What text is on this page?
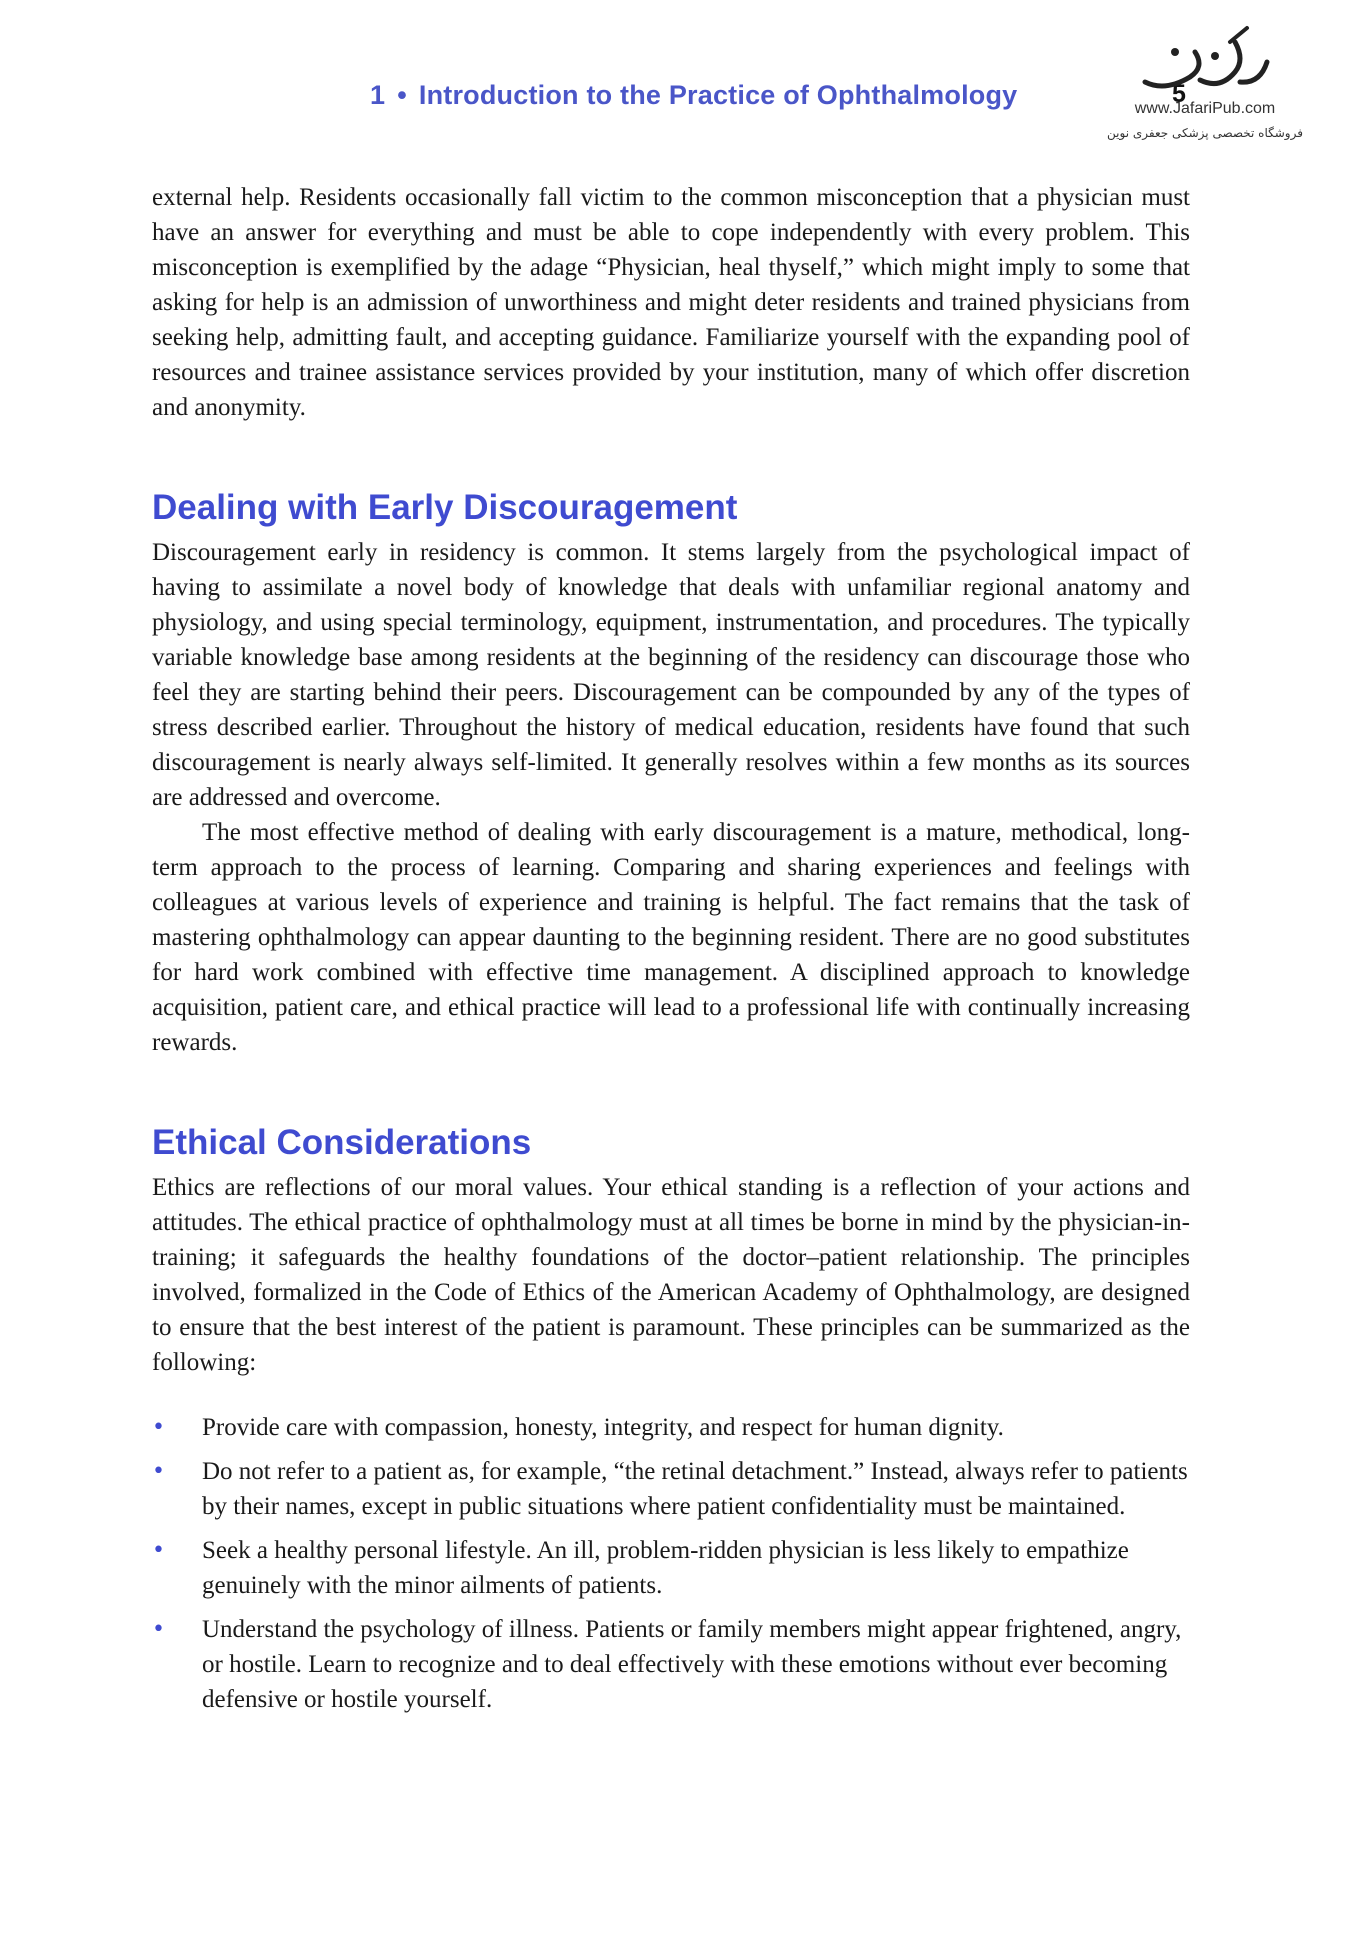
1 • Introduction to the Practice of Ophthalmology	5
www.JafariPub.com
فروشگاه تخصصی پزشکی جعفری نوین

external help. Residents occasionally fall victim to the common misconception that a physician must have an answer for everything and must be able to cope independently with every problem. This misconception is exemplified by the adage “Physician, heal thyself,” which might imply to some that asking for help is an admission of unworthiness and might deter residents and trained physicians from seeking help, admitting fault, and accepting guidance. Familiarize yourself with the expanding pool of resources and trainee assistance services provided by your institution, many of which offer discretion and anonymity.

Dealing with Early Discouragement

Discouragement early in residency is common. It stems largely from the psychological impact of having to assimilate a novel body of knowledge that deals with unfamiliar regional anatomy and physiology, and using special terminology, equipment, instrumentation, and procedures. The typically variable knowledge base among residents at the beginning of the residency can discourage those who feel they are starting behind their peers. Discouragement can be compounded by any of the types of stress described earlier. Throughout the history of medical education, residents have found that such discouragement is nearly always self-limited. It generally resolves within a few months as its sources are addressed and overcome.

The most effective method of dealing with early discouragement is a mature, methodical, long-term approach to the process of learning. Comparing and sharing experiences and feelings with colleagues at various levels of experience and training is helpful. The fact remains that the task of mastering ophthalmology can appear daunting to the beginning resident. There are no good substitutes for hard work combined with effective time management. A disciplined approach to knowledge acquisition, patient care, and ethical practice will lead to a professional life with continually increasing rewards.

Ethical Considerations

Ethics are reflections of our moral values. Your ethical standing is a reflection of your actions and attitudes. The ethical practice of ophthalmology must at all times be borne in mind by the physician-in-training; it safeguards the healthy foundations of the doctor–patient relationship. The principles involved, formalized in the Code of Ethics of the American Academy of Ophthalmology, are designed to ensure that the best interest of the patient is paramount. These principles can be summarized as the following:

• Provide care with compassion, honesty, integrity, and respect for human dignity.
• Do not refer to a patient as, for example, “the retinal detachment.” Instead, always refer to patients by their names, except in public situations where patient confidentiality must be maintained.
• Seek a healthy personal lifestyle. An ill, problem-ridden physician is less likely to empathize genuinely with the minor ailments of patients.
• Understand the psychology of illness. Patients or family members might appear frightened, angry, or hostile. Learn to recognize and to deal effectively with these emotions without ever becoming defensive or hostile yourself.
